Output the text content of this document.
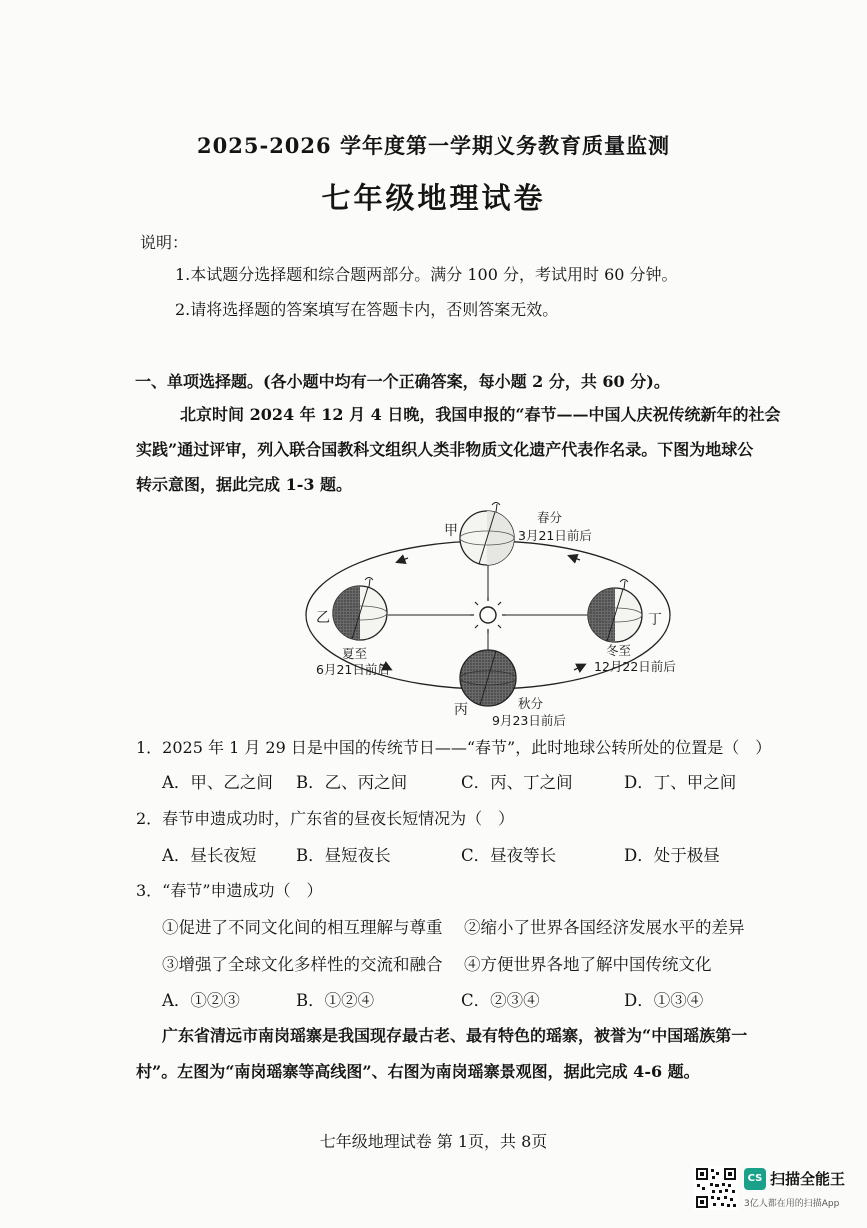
2025-2026 学年度第一学期义务教育质量监测
七年级地理试卷
说明：
1.本试题分选择题和综合题两部分。满分 100 分，考试用时 60 分钟。
2.请将选择题的答案填写在答题卡内，否则答案无效。
一、单项选择题。(各小题中均有一个正确答案，每小题 2 分，共 60 分)。
北京时间 2024 年 12 月 4 日晚，我国申报的“春节——中国人庆祝传统新年的社会
实践”通过评审，列入联合国教科文组织人类非物质文化遗产代表作名录。下图为地球公
转示意图，据此完成 1-3 题。
甲
春分
3月21日前后
乙
夏至
6月21日前后
丁
冬至
12月22日前后
丙	秋分
9月23日前后
1．2025 年 1 月 29 日是中国的传统节日——“春节”，此时地球公转所处的位置是（　）
A．甲、乙之间 B．乙、丙之间	C．丙、丁之间	D．丁、甲之间
2．春节申遗成功时，广东省的昼夜长短情况为（　）
A．昼长夜短 B．昼短夜长	C．昼夜等长	D．处于极昼
3．“春节”申遗成功（　）
①促进了不同文化间的相互理解与尊重 ②缩小了世界各国经济发展水平的差异
③增强了全球文化多样性的交流和融合 ④方便世界各地了解中国传统文化
A．①②③	B．①②④	C．②③④	D．①③④
广东省清远市南岗瑶寨是我国现存最古老、最有特色的瑶寨，被誉为“中国瑶族第一
村”。左图为“南岗瑶寨等高线图”、右图为南岗瑶寨景观图，据此完成 4-6 题。
七年级地理试卷 第 1页，共 8页
CS 扫描全能王
3亿人都在用的扫描App
